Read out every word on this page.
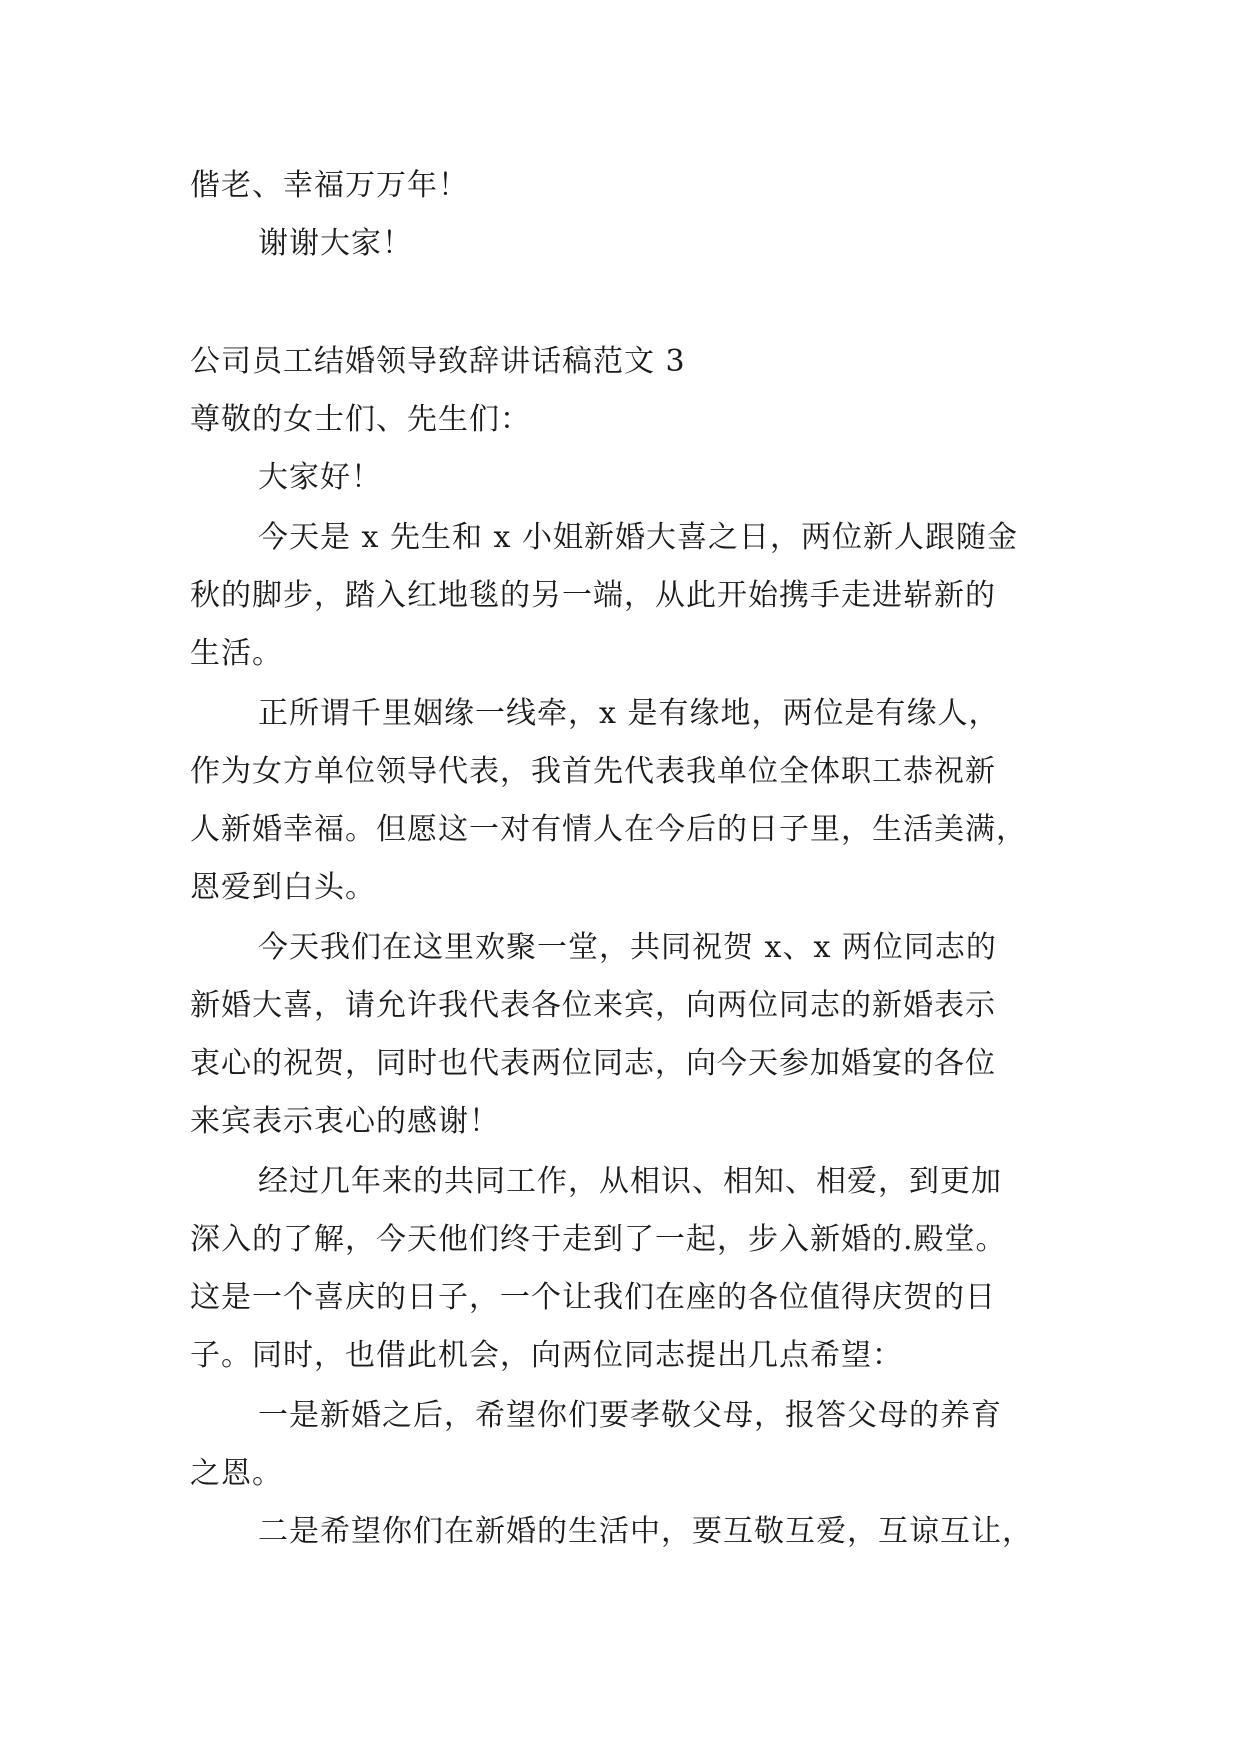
偕老、幸福万万年！
谢谢大家！
公司员工结婚领导致辞讲话稿范文 3
尊敬的女士们、先生们：
大家好！
今天是 x 先生和 x 小姐新婚大喜之日，两位新人跟随金
秋的脚步，踏入红地毯的另一端，从此开始携手走进崭新的
生活。
正所谓千里姻缘一线牵，x 是有缘地，两位是有缘人，
作为女方单位领导代表，我首先代表我单位全体职工恭祝新
人新婚幸福。但愿这一对有情人在今后的日子里，生活美满，
恩爱到白头。
今天我们在这里欢聚一堂，共同祝贺 x、x 两位同志的
新婚大喜，请允许我代表各位来宾，向两位同志的新婚表示
衷心的祝贺，同时也代表两位同志，向今天参加婚宴的各位
来宾表示衷心的感谢！
经过几年来的共同工作，从相识、相知、相爱，到更加
深入的了解，今天他们终于走到了一起，步入新婚的.殿堂。
这是一个喜庆的日子，一个让我们在座的各位值得庆贺的日
子。同时，也借此机会，向两位同志提出几点希望：
一是新婚之后，希望你们要孝敬父母，报答父母的养育
之恩。
二是希望你们在新婚的生活中，要互敬互爱，互谅互让，
